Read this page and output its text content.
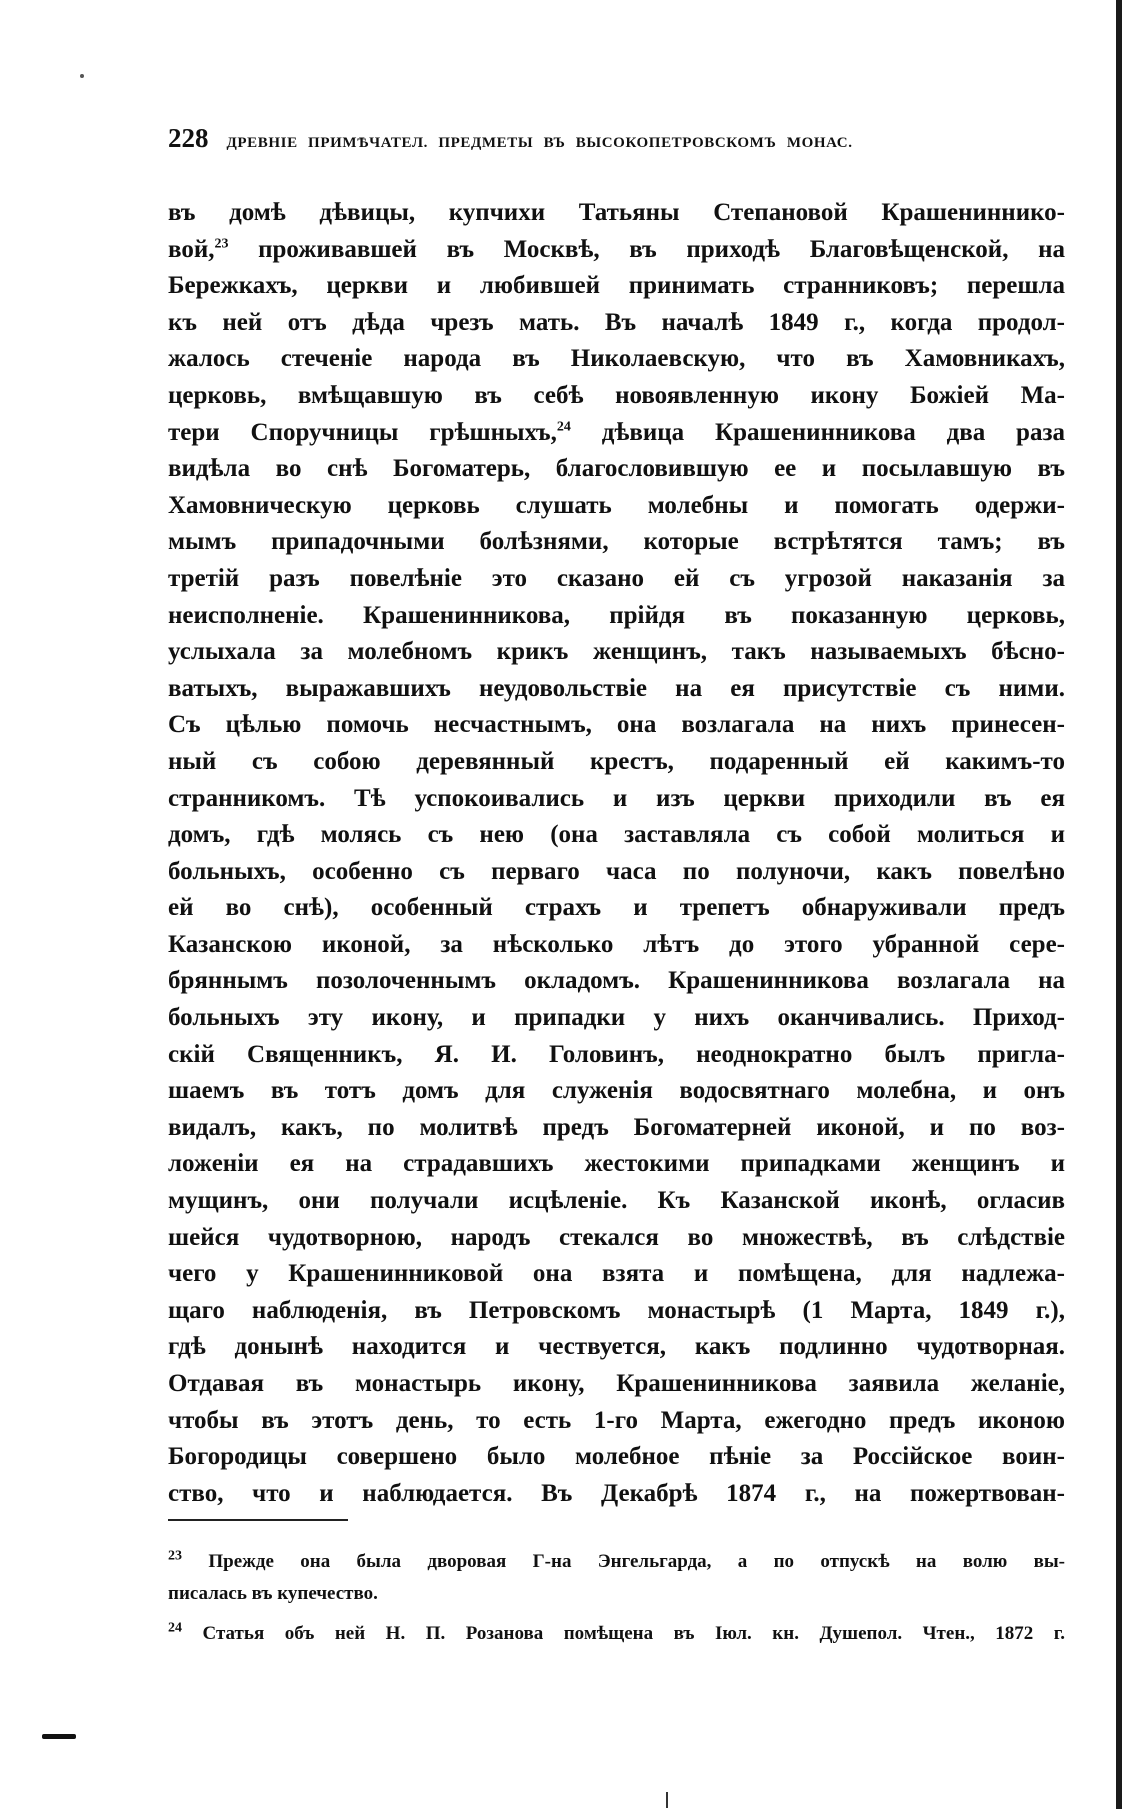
228 ДРЕВНІЕ ПРИМѢЧАТЕЛ. ПРЕДМЕТЫ ВЪ ВЫСОКОПЕТРОВСКОМЪ МОНАС.
въ домѣ дѣвицы, купчихи Татьяны Степановой Крашениннико-
вой,$^{23}$ проживавшей въ Москвѣ, въ приходѣ Благовѣщенской, на
Бережкахъ, церкви и любившей принимать странниковъ; перешла
къ ней отъ дѣда чрезъ мать. Въ началѣ 1849 г., когда продол-
жалось стеченіе народа въ Николаевскую, что въ Хамовникахъ,
церковь, вмѣщавшую въ себѣ новоявленную икону Божіей Ма-
тери Споручницы грѣшныхъ,$^{24}$ дѣвица Крашенинникова два раза
видѣла во снѣ Богоматерь, благословившую ее и посылавшую въ
Хамовническую церковь слушать молебны и помогать одержи-
мымъ припадочными болѣзнями, которые встрѣтятся тамъ; въ
третій разъ повелѣніе это сказано ей съ угрозой наказанія за
неисполненіе. Крашенинникова, прійдя въ показанную церковь,
услыхала за молебномъ крикъ женщинъ, такъ называемыхъ бѣсно-
ватыхъ, выражавшихъ неудовольствіе на ея присутствіе съ ними.
Съ цѣлью помочь несчастнымъ, она возлагала на нихъ принесен-
ный съ собою деревянный крестъ, подаренный ей какимъ-то
странникомъ. Тѣ успокоивались и изъ церкви приходили въ ея
домъ, гдѣ молясь съ нею (она заставляла съ собой молиться и
больныхъ, особенно съ перваго часа по полуночи, какъ повелѣно
ей во снѣ), особенный страхъ и трепетъ обнаруживали предъ
Казанскою иконой, за нѣсколько лѣтъ до этого убранной сере-
бряннымъ позолоченнымъ окладомъ. Крашенинникова возлагала на
больныхъ эту икону, и припадки у нихъ оканчивались. Приход-
скій Священникъ, Я. И. Головинъ, неоднократно былъ пригла-
шаемъ въ тотъ домъ для служенія водосвятнаго молебна, и онъ
видалъ, какъ, по молитвѣ предъ Богоматерней иконой, и по воз-
ложеніи ея на страдавшихъ жестокими припадками женщинъ и
мущинъ, они получали исцѣленіе. Къ Казанской иконѣ, огласив
шейся чудотворною, народъ стекался во множествѣ, въ слѣдствіе
чего у Крашенинниковой она взята и помѣщена, для надлежа-
щаго наблюденія, въ Петровскомъ монастырѣ (1 Марта, 1849 г.),
гдѣ донынѣ находится и чествуется, какъ подлинно чудотворная.
Отдавая въ монастырь икону, Крашенинникова заявила желаніе,
чтобы въ этотъ день, то есть 1-го Марта, ежегодно предъ иконою
Богородицы совершено было молебное пѣніе за Россійское воин-
ство, что и наблюдается. Въ Декабрѣ 1874 г., на пожертвован-
$^{23}$ Прежде она была дворовая Г-на Энгельгарда, а по отпускѣ на волю вы-
писалась въ купечество.
$^{24}$ Статья объ ней Н. П. Розанова помѣщена въ Іюл. кн. Душепол. Чтен., 1872 г.
